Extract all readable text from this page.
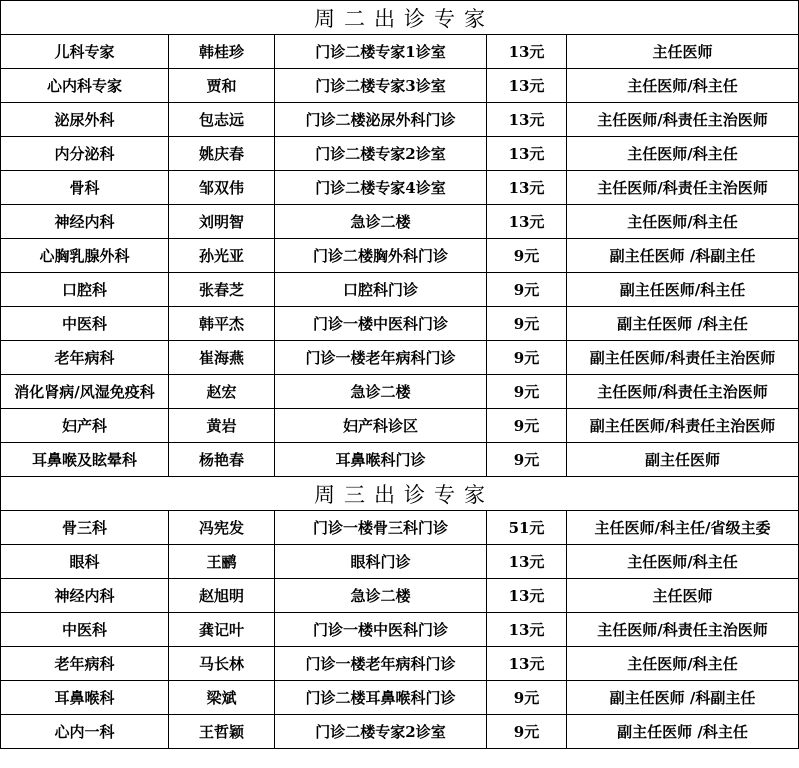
周二出诊专家				
儿科专家	韩桂珍	门诊二楼专家1诊室	13元	主任医师
心内科专家	贾和	门诊二楼专家3诊室	13元	主任医师/科主任
泌尿外科	包志远	门诊二楼泌尿外科门诊	13元	主任医师/科责任主治医师
内分泌科	姚庆春	门诊二楼专家2诊室	13元	主任医师/科主任
骨科	邹双伟	门诊二楼专家4诊室	13元	主任医师/科责任主治医师
神经内科	刘明智	急诊二楼	13元	主任医师/科主任
心胸乳腺外科	孙光亚	门诊二楼胸外科门诊	9元	副主任医师 /科副主任
口腔科	张春芝	口腔科门诊	9元	副主任医师/科主任
中医科	韩平杰	门诊一楼中医科门诊	9元	副主任医师 /科主任
老年病科	崔海燕	门诊一楼老年病科门诊	9元	副主任医师/科责任主治医师
消化肾病/风湿免疫科	赵宏	急诊二楼	9元	主任医师/科责任主治医师
妇产科	黄岩	妇产科诊区	9元	副主任医师/科责任主治医师
耳鼻喉及眩晕科	杨艳春	耳鼻喉科门诊	9元	副主任医师
周三出诊专家				
骨三科	冯宪发	门诊一楼骨三科门诊	51元	主任医师/科主任/省级主委
眼科	王鹂	眼科门诊	13元	主任医师/科主任
神经内科	赵旭明	急诊二楼	13元	主任医师
中医科	龚记叶	门诊一楼中医科门诊	13元	主任医师/科责任主治医师
老年病科	马长林	门诊一楼老年病科门诊	13元	主任医师/科主任
耳鼻喉科	梁斌	门诊二楼耳鼻喉科门诊	9元	副主任医师 /科副主任
心内一科	王哲颖	门诊二楼专家2诊室	9元	副主任医师 /科主任
